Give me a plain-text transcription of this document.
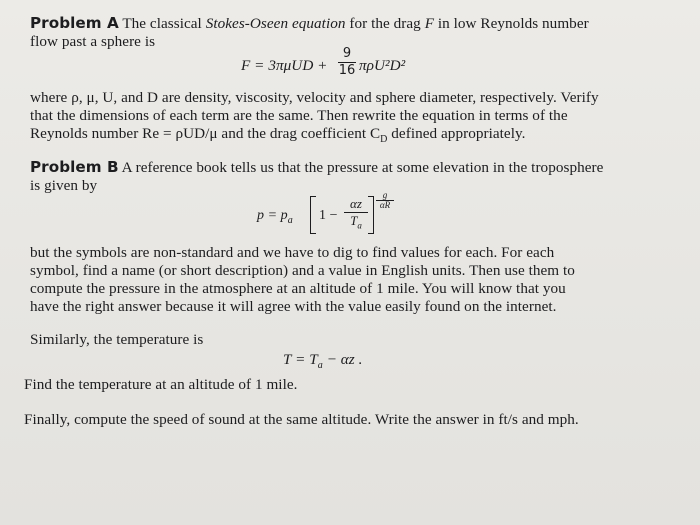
Problem A The classical Stokes-Oseen equation for the drag F in low Reynolds number
flow past a sphere is
F = 3πμUD +
9
16 πρU²D²
where ρ, μ, U, and D are density, viscosity, velocity and sphere diameter, respectively. Verify
that the dimensions of each term are the same. Then rewrite the equation in terms of the
Reynolds number Re = ρUD/μ and the drag coefficient $C_D$ defined appropriately.
Problem B A reference book tells us that the pressure at some elevation in the troposphere
is given by
$p = p_a$ 1 −
αz
$T_a$
g
αR
but the symbols are non-standard and we have to dig to find values for each. For each
symbol, find a name (or short description) and a value in English units. Then use them to
compute the pressure in the atmosphere at an altitude of 1 mile. You will know that you
have the right answer because it will agree with the value easily found on the internet.
Similarly, the temperature is
$T = T_a - \alpha z$ .
Find the temperature at an altitude of 1 mile.
Finally, compute the speed of sound at the same altitude. Write the answer in ft/s and mph.
